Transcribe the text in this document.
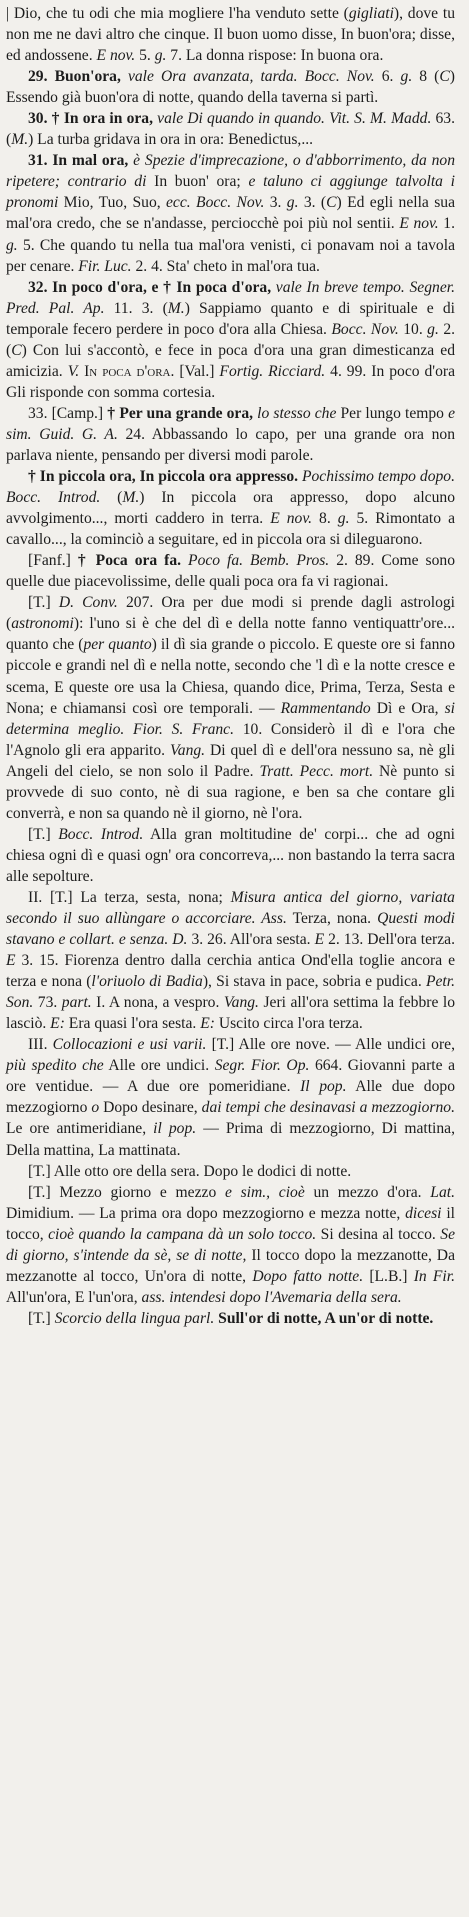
| Dio, che tu odi che mia mogliere l'ha venduto sette (gigliati), dove tu non me ne davi altro che cinque. Il buon uomo disse, In buon'ora; disse, ed andossene. E nov. 5. g. 7. La donna rispose: In buona ora.

29. Buon'ora, vale Ora avanzata, tarda. Bocc. Nov. 6. g. 8 (C) Essendo già buon'ora di notte, quando della taverna si partì.

30. † In ora in ora, vale Di quando in quando. Vit. S. M. Madd. 63. (M.) La turba gridava in ora in ora: Benedictus,...

31. In mal ora, è Spezie d'imprecazione, o d'abborrimento, da non ripetere; contrario di In buon' ora; e taluno ci aggiunge talvolta i pronomi Mio, Tuo, Suo, ecc. Bocc. Nov. 3. g. 3. (C) Ed egli nella sua mal'ora credo, che se n'andasse, perciocchè poi più nol sentii. E nov. 1. g. 5. Che quando tu nella tua mal'ora venisti, ci ponavam noi a tavola per cenare. Fir. Luc. 2. 4. Sta' cheto in mal'ora tua.

32. In poco d'ora, e † In poca d'ora, vale In breve tempo. Segner. Pred. Pal. Ap. 11. 3. (M.) Sappiamo quanto e di spirituale e di temporale fecero perdere in poco d'ora alla Chiesa. Bocc. Nov. 10. g. 2. (C) Con lui s'accontò, e fece in poca d'ora una gran dimesticanza ed amicizia. V. In poca d'ora. [Val.] Fortig. Ricciard. 4. 99. In poco d'ora Gli risponde con somma cortesia.

33. [Camp.] † Per una grande ora, lo stesso che Per lungo tempo e sim. Guid. G. A. 24. Abbassando lo capo, per una grande ora non parlava niente, pensando per diversi modi parole.

† In piccola ora, In piccola ora appresso. Pochissimo tempo dopo. Bocc. Introd. (M.) In piccola ora appresso, dopo alcuno avvolgimento..., morti caddero in terra. E nov. 8. g. 5. Rimontato a cavallo..., la cominciò a seguitare, ed in piccola ora si dileguarono.

[Fanf.] † Poca ora fa. Poco fa. Bemb. Pros. 2. 89. Come sono quelle due piacevolissime, delle quali poca ora fa vi ragionai.

[T.] D. Conv. 207. Ora per due modi si prende dagli astrologi (astronomi): l'uno si è che del dì e della notte fanno ventiquattr'ore... quanto che (per quanto) il dì sia grande o piccolo. E queste ore si fanno piccole e grandi nel dì e nella notte, secondo che 'l dì e la notte cresce e scema, E queste ore usa la Chiesa, quando dice, Prima, Terza, Sesta e Nona; e chiamansi così ore temporali. — Rammentando Dì e Ora, si determina meglio. Fior. S. Franc. 10. Considerò il dì e l'ora che l'Agnolo gli era apparito. Vang. Di quel dì e dell'ora nessuno sa, nè gli Angeli del cielo, se non solo il Padre. Tratt. Pecc. mort. Nè punto si provvede di suo conto, nè di sua ragione, e ben sa che contare gli converrà, e non sa quando nè il giorno, nè l'ora.

[T.] Bocc. Introd. Alla gran moltitudine de' corpi... che ad ogni chiesa ogni dì e quasi ogn' ora concorreva,... non bastando la terra sacra alle sepolture.

II. [T.] La terza, sesta, nona; Misura antica del giorno, variata secondo il suo allùngare o accorciare. Ass. Terza, nona. Questi modi stavano e collart. e senza. D. 3. 26. All'ora sesta. E 2. 13. Dell'ora terza. E 3. 15. Fiorenza dentro dalla cerchia antica Ond'ella toglie ancora e terza e nona (l'oriuolo di Badia), Si stava in pace, sobria e pudica. Petr. Son. 73. part. I. A nona, a vespro. Vang. Jeri all'ora settima la febbre lo lasciò. E: Era quasi l'ora sesta. E: Uscito circa l'ora terza.

III. Collocazioni e usi varii. [T.] Alle ore nove. — Alle undici ore, più spedito che Alle ore undici. Segr. Fior. Op. 664. Giovanni parte a ore ventidue. — A due ore pomeridiane. Il pop. Alle due dopo mezzogiorno o Dopo desinare, dai tempi che desinavasi a mezzogiorno. Le ore antimeridiane, il pop. — Prima di mezzogiorno, Di mattina, Della mattina, La mattinata.

[T.] Alle otto ore della sera. Dopo le dodici di notte.

[T.] Mezzo giorno e mezzo e sim., cioè un mezzo d'ora. Lat. Dimidium. — La prima ora dopo mezzogiorno e mezza notte, dicesi il tocco, cioè quando la campana dà un solo tocco. Si desina al tocco. Se di giorno, s'intende da sè, se di notte, Il tocco dopo la mezzanotte, Da mezzanotte al tocco, Un'ora di notte, Dopo fatto notte. [L.B.] In Fir. All'un'ora, E l'un'ora, ass. intendesi dopo l'Avemaria della sera.

[T.] Scorcio della lingua parl. Sull'or di notte, A un'or di notte.
